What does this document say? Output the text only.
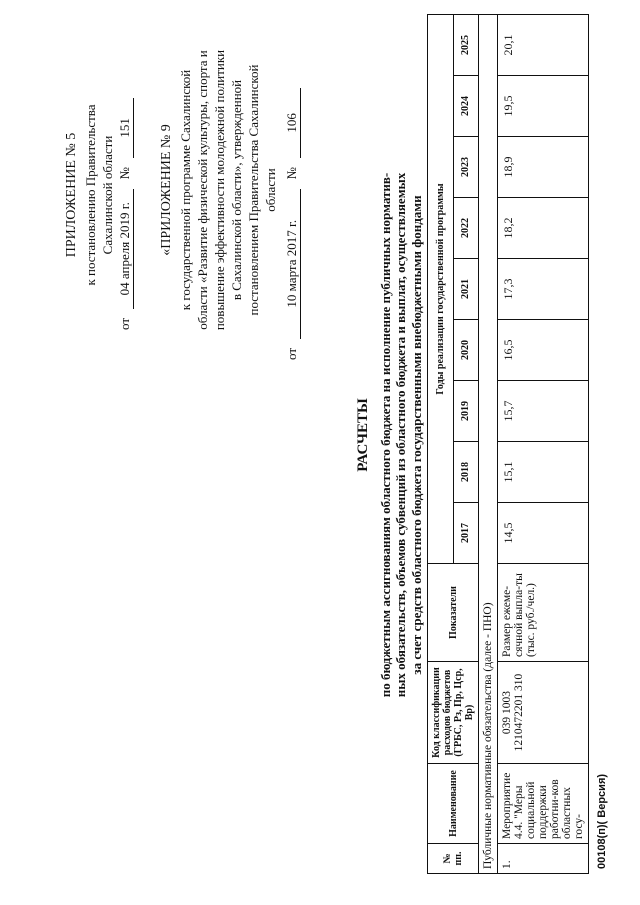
ПРИЛОЖЕНИЕ № 5 к постановлению Правительства Сахалинской области
от 04 апреля 2019 г. № 151 «ПРИЛОЖЕНИЕ № 9 к государственной программе Сахалинской области «Развитие физической культуры, спорта и повышение эффективности молодежной политики в Сахалинской области», утвержденной постановлением Правительства Сахалинской области
от 10 марта 2017 г. № 106
РАСЧЕТЫ по бюджетным ассигнованиям областного бюджета на исполнение публичных норматив- ных обязательств, объемов субвенций из областного бюджета и выплат, осуществляемых за счет средств областного бюджета государственными внебюджетными фондами
№ пп.	Наименование	Код классификации расходов бюджетов (ГРБС, Рз, Пр, Цср, Вр)	Показатели	Годы реализации государственной программы								
				2017	2018	2019	2020	2021	2022	2023	2024	2025
Публичные нормативные обязательства (далее - ПНО)												
1.	Мероприятие 4.4. "Меры социальной поддержки работни-ков областных госу-	039 1003 1210472201 310	Размер ежеме-сячной выпла-ты (тыс. руб./чел.)	14,5	15,1	15,7	16,5	17,3	18,2	18,9	19,5	20,1
00108(п)( Версия)
